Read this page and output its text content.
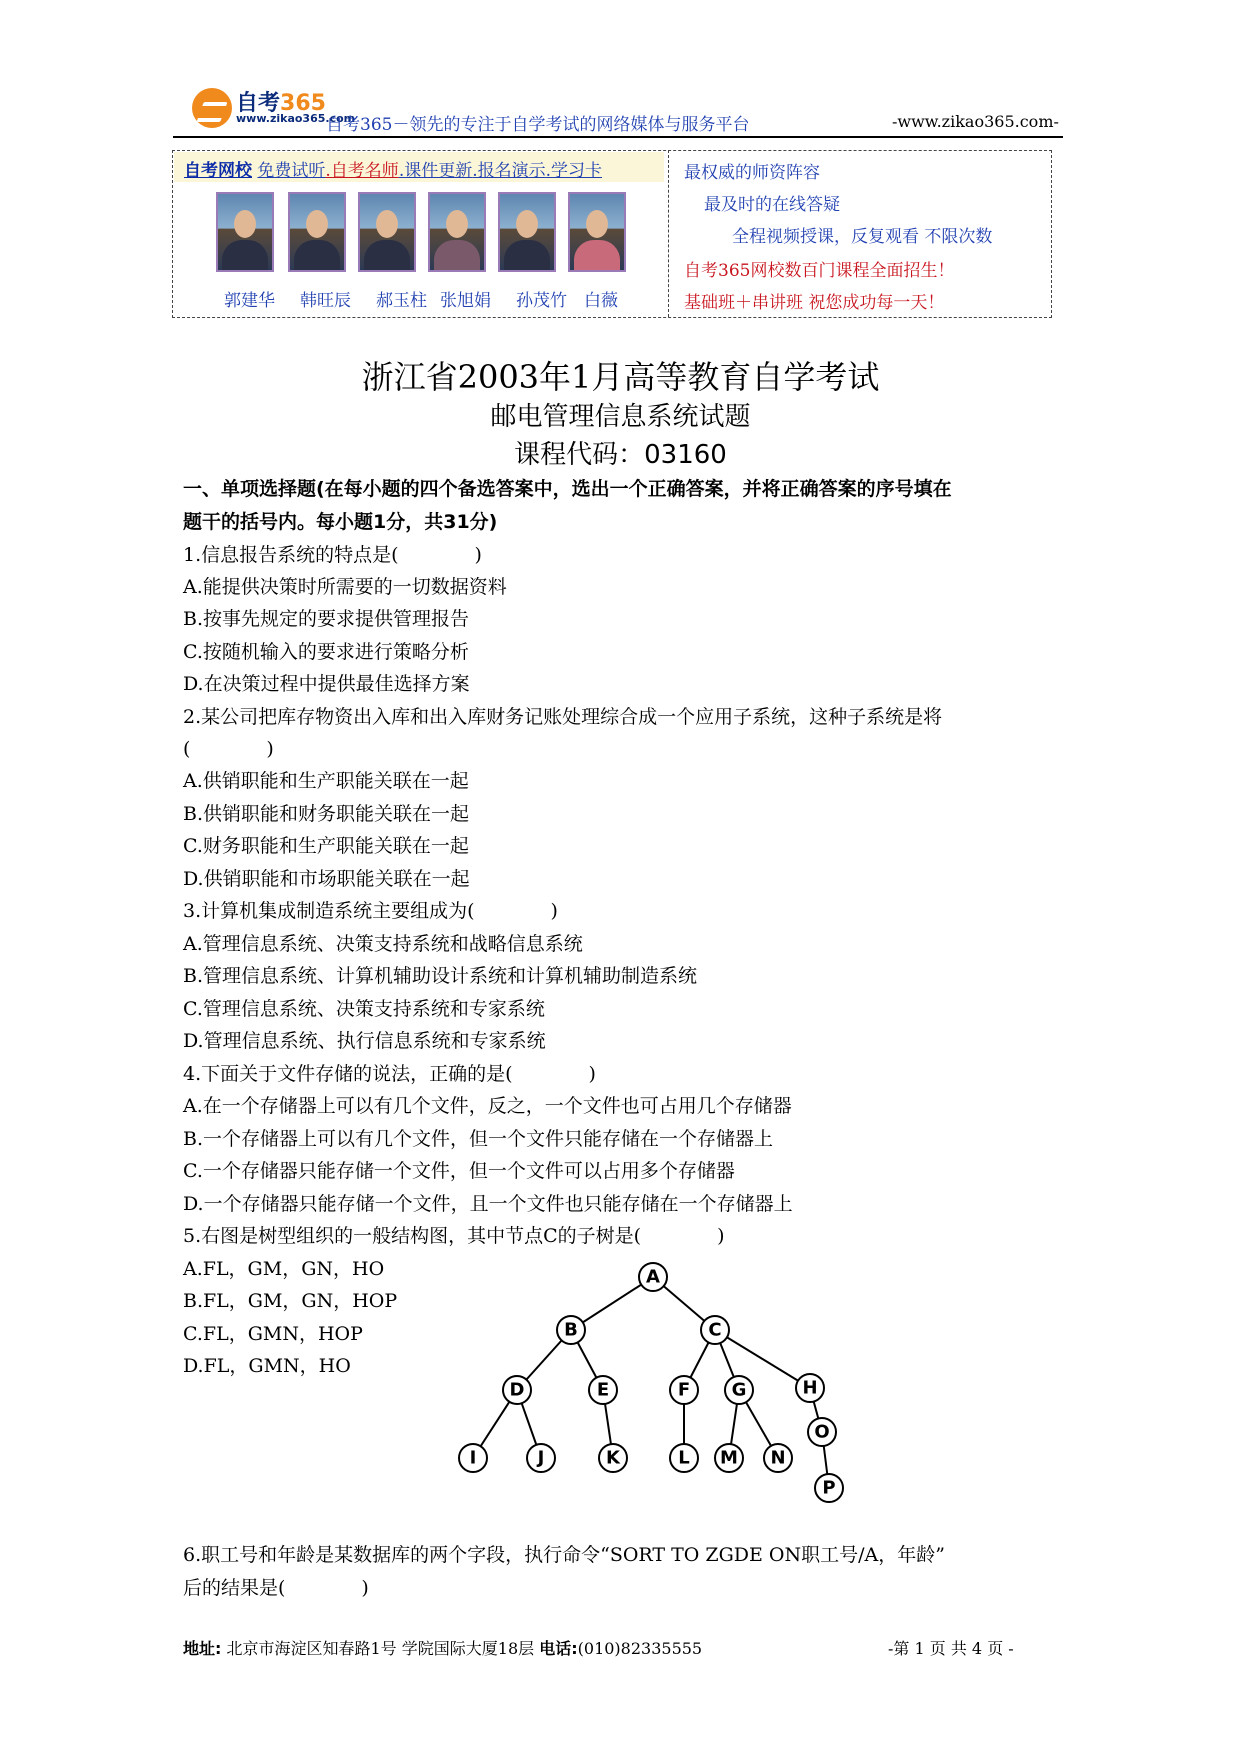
自考365
www.zikao365.com
自考365－领先的专注于自学考试的网络媒体与服务平台	-www.zikao365.com-
自考网校 免费试听.自考名师.课件更新.报名演示.学习卡
郭建华 韩旺辰 郝玉柱 张旭娟 孙茂竹 白薇
最权威的师资阵容
最及时的在线答疑
全程视频授课，反复观看 不限次数
自考365网校数百门课程全面招生！
基础班＋串讲班 祝您成功每一天！
浙江省2003年1月高等教育自学考试
邮电管理信息系统试题
课程代码：03160
一、单项选择题(在每小题的四个备选答案中，选出一个正确答案，并将正确答案的序号填在
题干的括号内。每小题1分，共31分)
1.信息报告系统的特点是(　　　　)
A.能提供决策时所需要的一切数据资料
B.按事先规定的要求提供管理报告
C.按随机输入的要求进行策略分析
D.在决策过程中提供最佳选择方案
2.某公司把库存物资出入库和出入库财务记账处理综合成一个应用子系统，这种子系统是将
(　　　　)
A.供销职能和生产职能关联在一起
B.供销职能和财务职能关联在一起
C.财务职能和生产职能关联在一起
D.供销职能和市场职能关联在一起
3.计算机集成制造系统主要组成为(　　　　)
A.管理信息系统、决策支持系统和战略信息系统
B.管理信息系统、计算机辅助设计系统和计算机辅助制造系统
C.管理信息系统、决策支持系统和专家系统
D.管理信息系统、执行信息系统和专家系统
4.下面关于文件存储的说法，正确的是(　　　　)
A.在一个存储器上可以有几个文件，反之，一个文件也可占用几个存储器
B.一个存储器上可以有几个文件，但一个文件只能存储在一个存储器上
C.一个存储器只能存储一个文件，但一个文件可以占用多个存储器
D.一个存储器只能存储一个文件，且一个文件也只能存储在一个存储器上
5.右图是树型组织的一般结构图，其中节点C的子树是(　　　　)
A.FL，GM，GN，HO
B.FL，GM，GN，HOP
C.FL，GMN，HOP
D.FL，GMN，HO
A
B	C
D	E	F G	H
I	J	K	L M N
O
P
6.职工号和年龄是某数据库的两个字段，执行命令“SORT TO ZGDE ON职工号/A，年龄”
后的结果是(　　　　)
地址: 北京市海淀区知春路1号 学院国际大厦18层 电话:(010)82335555	-第 1 页 共 4 页 -
